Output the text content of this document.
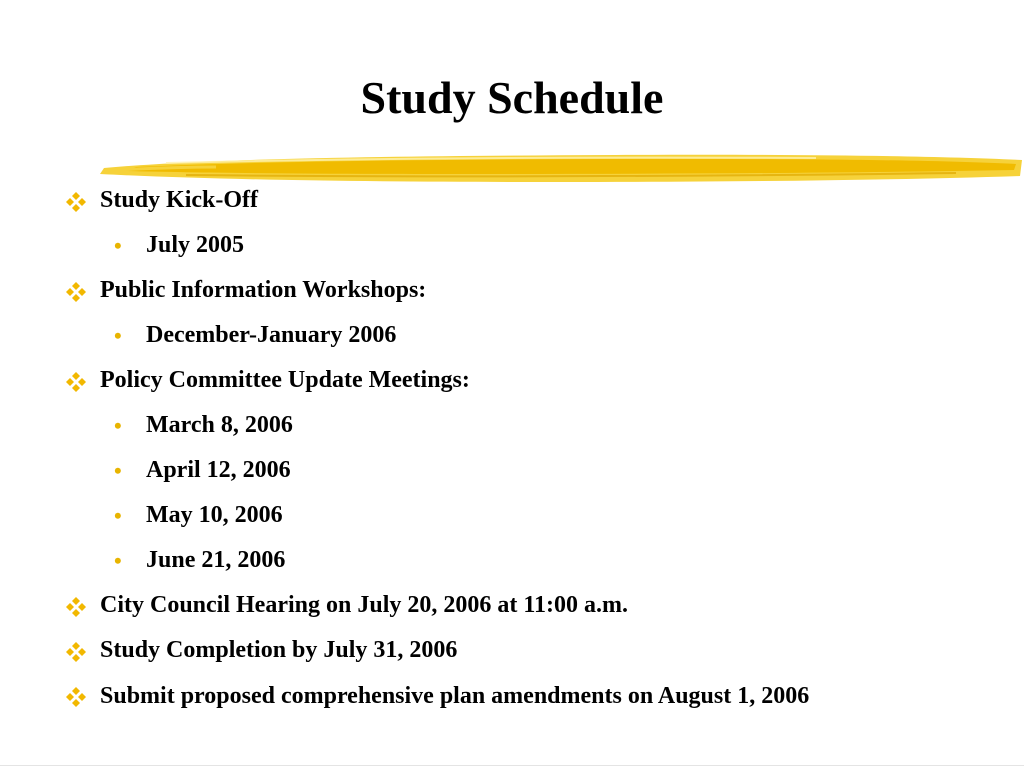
Study Schedule
Study Kick-Off
• July 2005
Public Information Workshops:
• December-January 2006
Policy Committee Update Meetings:
• March 8, 2006
• April 12, 2006
• May 10, 2006
• June 21, 2006
City Council Hearing on July 20, 2006 at 11:00 a.m.
Study Completion by July 31, 2006
Submit proposed comprehensive plan amendments on August 1, 2006
